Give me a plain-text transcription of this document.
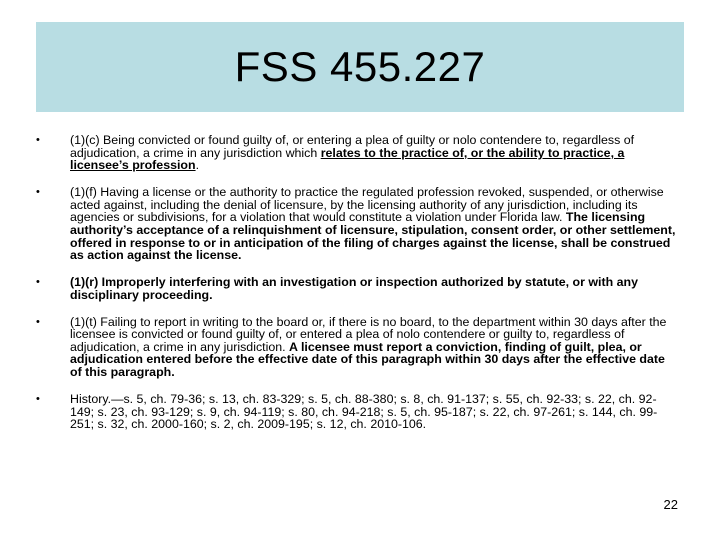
FSS 455.227
•	(1)(c) Being convicted or found guilty of, or entering a plea of guilty or nolo contendere to, regardless of adjudication, a crime in any jurisdiction which relates to the practice of, or the ability to practice, a licensee’s profession.
•	(1)(f) Having a license or the authority to practice the regulated profession revoked, suspended, or otherwise acted against, including the denial of licensure, by the licensing authority of any jurisdiction, including its agencies or subdivisions, for a violation that would constitute a violation under Florida law. The licensing authority’s acceptance of a relinquishment of licensure, stipulation, consent order, or other settlement, offered in response to or in anticipation of the filing of charges against the license, shall be construed as action against the license.
•	(1)(r) Improperly interfering with an investigation or inspection authorized by statute, or with any disciplinary proceeding.
•	(1)(t) Failing to report in writing to the board or, if there is no board, to the department within 30 days after the licensee is convicted or found guilty of, or entered a plea of nolo contendere or guilty to, regardless of adjudication, a crime in any jurisdiction. A licensee must report a conviction, finding of guilt, plea, or adjudication entered before the effective date of this paragraph within 30 days after the effective date of this paragraph.
•	History.—s. 5, ch. 79-36; s. 13, ch. 83-329; s. 5, ch. 88-380; s. 8, ch. 91-137; s. 55, ch. 92-33; s. 22, ch. 92-149; s. 23, ch. 93-129; s. 9, ch. 94-119; s. 80, ch. 94-218; s. 5, ch. 95-187; s. 22, ch. 97-261; s. 144, ch. 99-251; s. 32, ch. 2000-160; s. 2, ch. 2009-195; s. 12, ch. 2010-106.
22
